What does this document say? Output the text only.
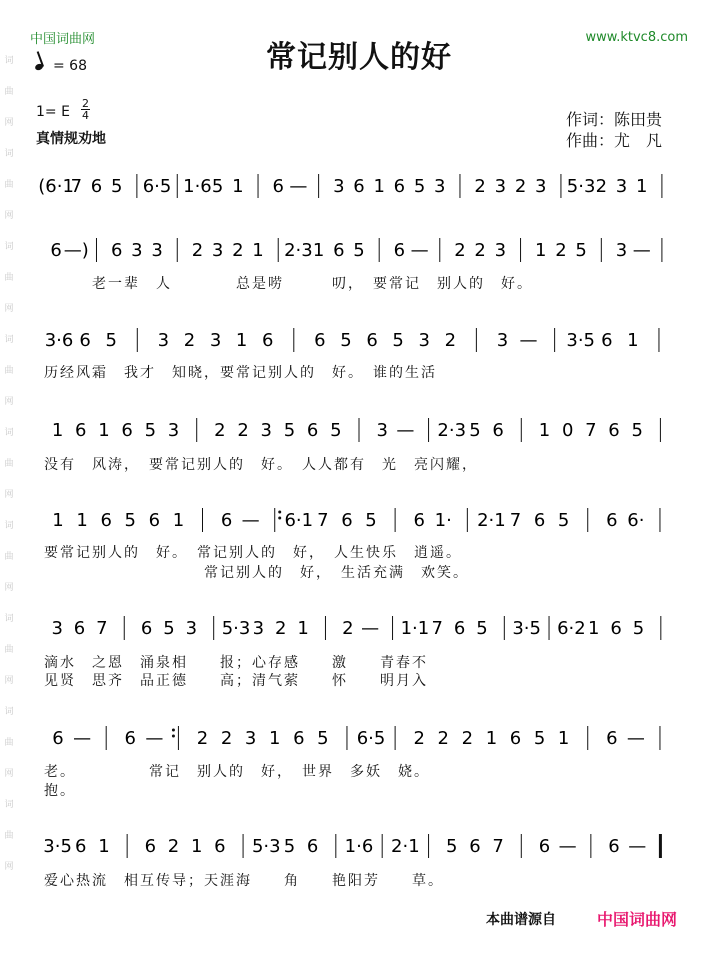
中国词曲网	www.ktvc8.com
常记别人的好
= 68
1= E
2
4
真情规劝地
作词：陈田贵
作曲：尤　凡
词
曲
网
词
曲
网
词
曲
网
词
曲
网
词
曲
网
词
曲
网
词
曲
网
词
曲
网
词
曲
网
(6·1
7 6 5 6·5 1·6 5 1 6 — 3 6 1 6 5 3 2 3 2 3 5·3 2 3 1
6 —) 6 3 3 2 3 2 1 2·3 1 6 5 6 — 2 2 3 1 2 5 3 —
3·6 6 5 3 2 3 1 6 6 5 6 5 3 2 3 — 3·5 6 1
1 6 1 6 5 3 2 2 3 5 6 5 3 — 2·3 5 6 1 0 7 6 5
1 1 6 5 6 1 6 — 6·1 7 6 5 6 1· 2·1 7 6 5 6 6·
3 6 7 6 5 3 5·3 3 2 1 2 — 1·1 7 6 5 3·5 6·2 1 6 5
6 — 6 — 2 2 3 1 6 5 6·5 2 2 2 1 6 5 1 6 —
3·5 6 1 6 2 1 6 5·3 5 6 1·6 2·1 5 6 7 6 — 6 —
　　　老一辈　人　　　　总是唠　　　叨，　要常记　别人的　好。
历经风霜　我才　知晓，要常记别人的　好。　谁的生活
没有　风涛，　要常记别人的　好。　人人都有　光　亮闪耀，
要常记别人的　好。　常记别人的　好，　人生快乐　逍遥。
　　　　　　　　　　常记别人的　好，　生活充满　欢笑。
滴水　之恩　涌泉相　　报；心存感　　激　　青春不
见贤　思齐　品正德　　高；清气萦　　怀　　明月入
老。　　　　　常记　别人的　好，　世界　多妖　娆。
抱。
爱心热流　相互传导；天涯海　　角　　艳阳芳　　草。
本曲谱源自	中国词曲网
